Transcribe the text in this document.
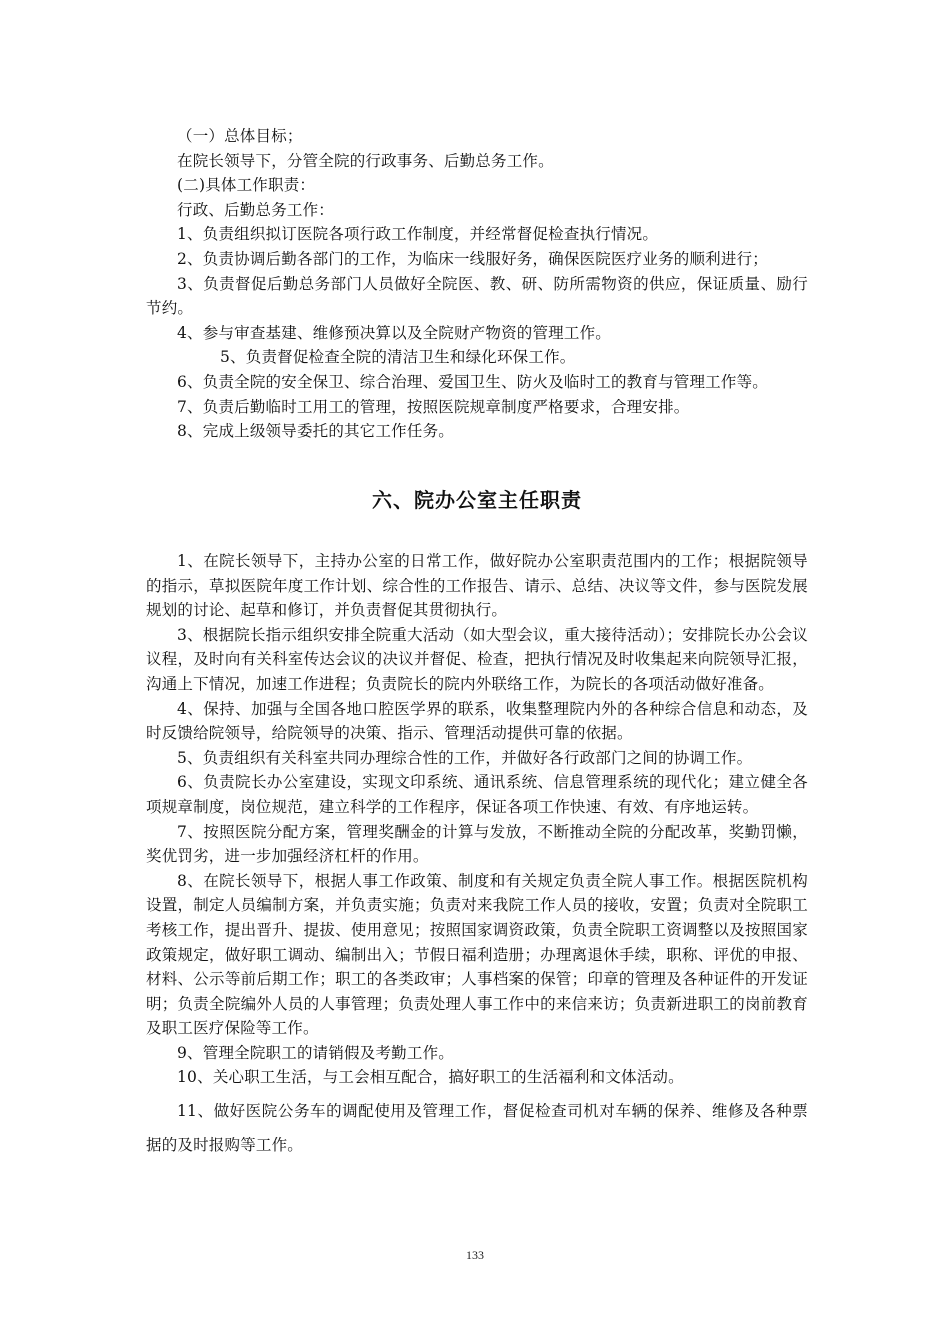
（一）总体目标；

在院长领导下，分管全院的行政事务、后勤总务工作。

(二)具体工作职责：

行政、后勤总务工作：

1、负责组织拟订医院各项行政工作制度，并经常督促检查执行情况。

2、负责协调后勤各部门的工作，为临床一线服好务，确保医院医疗业务的顺利进行；

3、负责督促后勤总务部门人员做好全院医、教、研、防所需物资的供应，保证质量、励行节约。

4、参与审查基建、维修预决算以及全院财产物资的管理工作。

5、负责督促检查全院的清洁卫生和绿化环保工作。

6、负责全院的安全保卫、综合治理、爱国卫生、防火及临时工的教育与管理工作等。

7、负责后勤临时工用工的管理，按照医院规章制度严格要求，合理安排。

8、完成上级领导委托的其它工作任务。

六、院办公室主任职责

1、在院长领导下，主持办公室的日常工作，做好院办公室职责范围内的工作；根据院领导的指示，草拟医院年度工作计划、综合性的工作报告、请示、总结、决议等文件，参与医院发展规划的讨论、起草和修订，并负责督促其贯彻执行。

3、根据院长指示组织安排全院重大活动（如大型会议，重大接待活动）；安排院长办公会议议程，及时向有关科室传达会议的决议并督促、检查，把执行情况及时收集起来向院领导汇报，沟通上下情况，加速工作进程；负责院长的院内外联络工作，为院长的各项活动做好准备。

4、保持、加强与全国各地口腔医学界的联系，收集整理院内外的各种综合信息和动态，及时反馈给院领导，给院领导的决策、指示、管理活动提供可靠的依据。

5、负责组织有关科室共同办理综合性的工作，并做好各行政部门之间的协调工作。

6、负责院长办公室建设，实现文印系统、通讯系统、信息管理系统的现代化；建立健全各项规章制度，岗位规范，建立科学的工作程序，保证各项工作快速、有效、有序地运转。

7、按照医院分配方案，管理奖酬金的计算与发放，不断推动全院的分配改革，奖勤罚懒，奖优罚劣，进一步加强经济杠杆的作用。

8、在院长领导下，根据人事工作政策、制度和有关规定负责全院人事工作。根据医院机构设置，制定人员编制方案，并负责实施；负责对来我院工作人员的接收，安置；负责对全院职工考核工作，提出晋升、提拔、使用意见；按照国家调资政策，负责全院职工资调整以及按照国家政策规定，做好职工调动、编制出入；节假日福利造册；办理离退休手续，职称、评优的申报、材料、公示等前后期工作；职工的各类政审；人事档案的保管；印章的管理及各种证件的开发证明；负责全院编外人员的人事管理；负责处理人事工作中的来信来访；负责新进职工的岗前教育及职工医疗保险等工作。

9、管理全院职工的请销假及考勤工作。

10、关心职工生活，与工会相互配合，搞好职工的生活福利和文体活动。

11、做好医院公务车的调配使用及管理工作，督促检查司机对车辆的保养、维修及各种票据的及时报购等工作。

133
